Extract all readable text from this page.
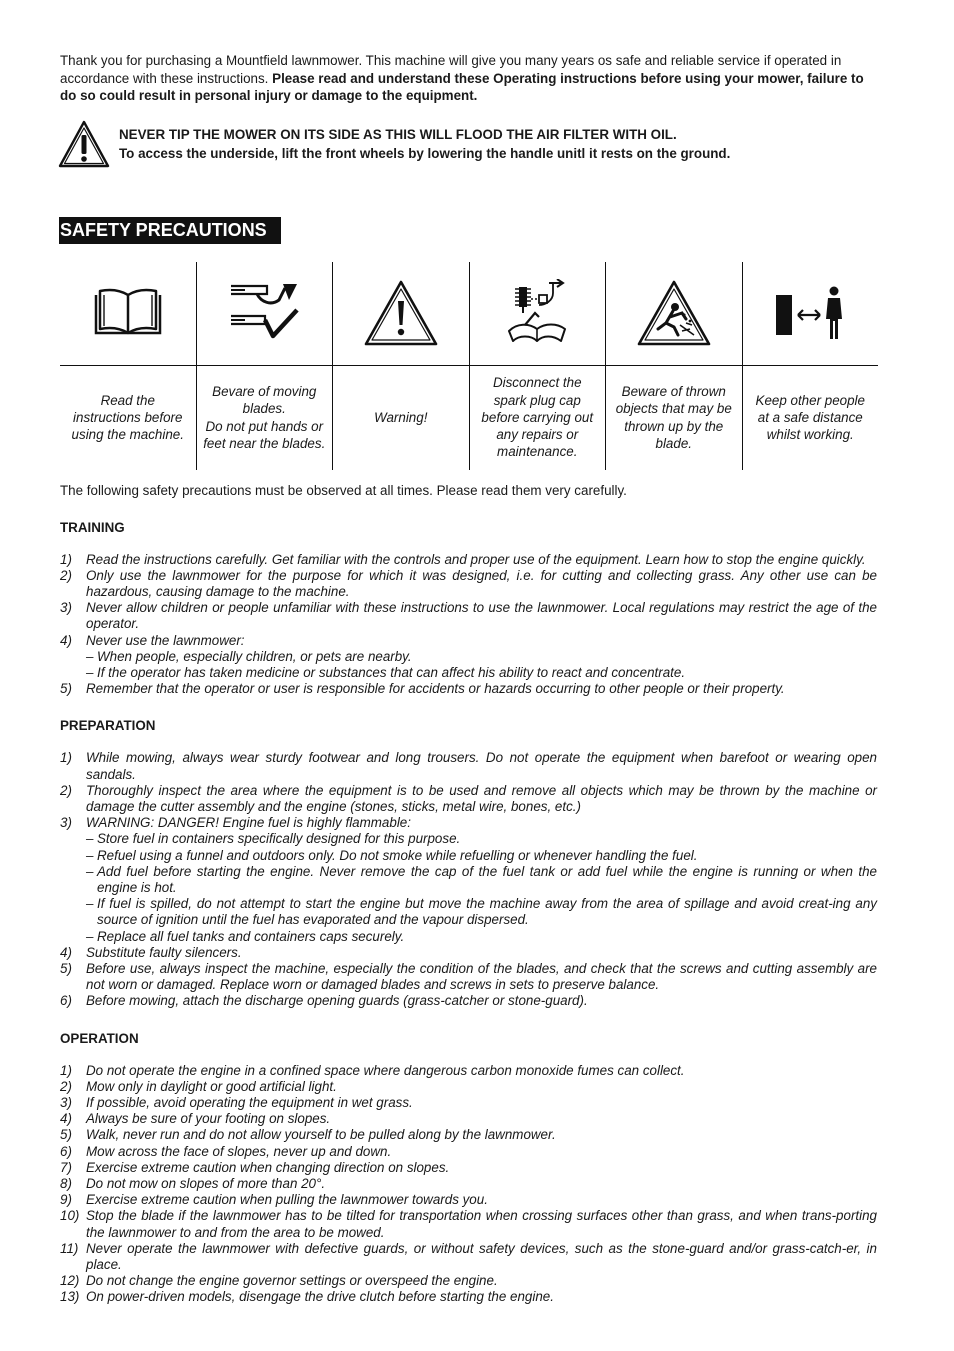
Thank you for purchasing a Mountfield lawnmower. This machine will give you many years os safe and reliable service if operated in accordance with these instructions. Please read and understand these Operating instructions before using your mower, failure to do so could result in personal injury or damage to the equipment.

NEVER TIP THE MOWER ON ITS SIDE AS THIS WILL FLOOD THE AIR FILTER WITH OIL.
To access the underside, lift the front wheels by lowering the handle unitl it rests on the ground.
SAFETY PRECAUTIONS
Read the instructions before using the machine.
Bevare of moving blades.
Do not put hands or feet near the blades.
Warning!
Disconnect the spark plug cap before carrying out any repairs or maintenance.
Beware of thrown objects that may be thrown up by the blade.
Keep other people at a safe distance whilst working.
The following safety precautions must be observed at all times. Please read them very carefully.
TRAINING
1) Read the instructions carefully. Get familiar with the controls and proper use of the equipment. Learn how to stop the engine quickly.
2) Only use the lawnmower for the purpose for which it was designed, i.e. for cutting and collecting grass. Any other use can be hazardous, causing damage to the machine.
3) Never allow children or people unfamiliar with these instructions to use the lawnmower. Local regulations may restrict the age of the operator.
4) Never use the lawnmower:
– When people, especially children, or pets are nearby.
– If the operator has taken medicine or substances that can affect his ability to react and concentrate.
5) Remember that the operator or user is responsible for accidents or hazards occurring to other people or their property.
PREPARATION
1) While mowing, always wear sturdy footwear and long trousers. Do not operate the equipment when barefoot or wearing open sandals.
2) Thoroughly inspect the area where the equipment is to be used and remove all objects which may be thrown by the machine or damage the cutter assembly and the engine (stones, sticks, metal wire, bones, etc.)
3) WARNING: DANGER! Engine fuel is highly flammable:
– Store fuel in containers specifically designed for this purpose.
– Refuel using a funnel and outdoors only. Do not smoke while refuelling or whenever handling the fuel.
– Add fuel before starting the engine. Never remove the cap of the fuel tank or add fuel while the engine is running or when the engine is hot.
– If fuel is spilled, do not attempt to start the engine but move the machine away from the area of spillage and avoid creat-ing any source of ignition until the fuel has evaporated and the vapour dispersed.
– Replace all fuel tanks and containers caps securely.
4) Substitute faulty silencers.
5) Before use, always inspect the machine, especially the condition of the blades, and check that the screws and cutting assembly are not worn or damaged. Replace worn or damaged blades and screws in sets to preserve balance.
6) Before mowing, attach the discharge opening guards (grass-catcher or stone-guard).
OPERATION
1) Do not operate the engine in a confined space where dangerous carbon monoxide fumes can collect.
2) Mow only in daylight or good artificial light.
3) If possible, avoid operating the equipment in wet grass.
4) Always be sure of your footing on slopes.
5) Walk, never run and do not allow yourself to be pulled along by the lawnmower.
6) Mow across the face of slopes, never up and down.
7) Exercise extreme caution when changing direction on slopes.
8) Do not mow on slopes of more than 20°.
9) Exercise extreme caution when pulling the lawnmower towards you.
10) Stop the blade if the lawnmower has to be tilted for transportation when crossing surfaces other than grass, and when trans-porting the lawnmower to and from the area to be mowed.
11) Never operate the lawnmower with defective guards, or without safety devices, such as the stone-guard and/or grass-catch-er, in place.
12) Do not change the engine governor settings or overspeed the engine.
13) On power-driven models, disengage the drive clutch before starting the engine.
